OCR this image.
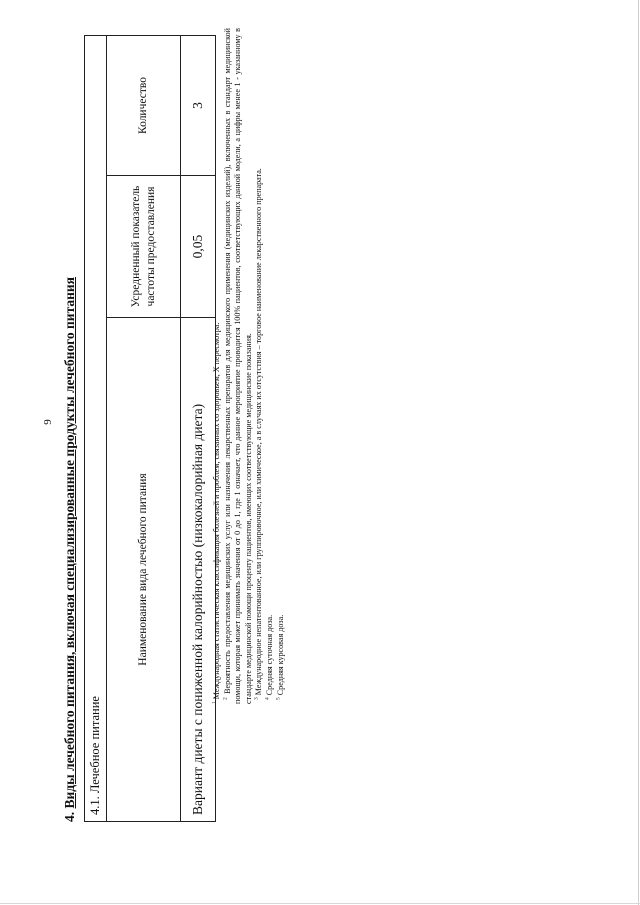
9
4. Виды лечебного питания, включая специализированные продукты лечебного питания 4.1. Лечебное питание		
Наименование вида лечебного питания	Усредненный показатель частоты предоставления	Количество
Вариант диеты с пониженной калорийностью (низкокалорийная диета)	0,05	3

$^1$ Международная статистическая классификация болезней и проблем, связанных со здоровьем, X пересмотра. $^2$ Вероятность предоставления медицинских услуг или назначения лекарственных препаратов для медицинского применения (медицинских изделий), включенных в стандарт медицинской помощи, которая может принимать значения от 0 до 1, где 1 означает, что данное мероприятие проводится 100% пациентов, соответствующих данной модели, а цифры менее 1 - указанному в стандарте медицинской помощи проценту пациентов, имеющих соответствующие медицинские показания. $^3$ Международное непатентованное, или группировочное, или химическое, а в случаях их отсутствия – торговое наименование лекарственного препарата.

$^4$ Средняя суточная доза.

$^5$ Средняя курсовая доза.
